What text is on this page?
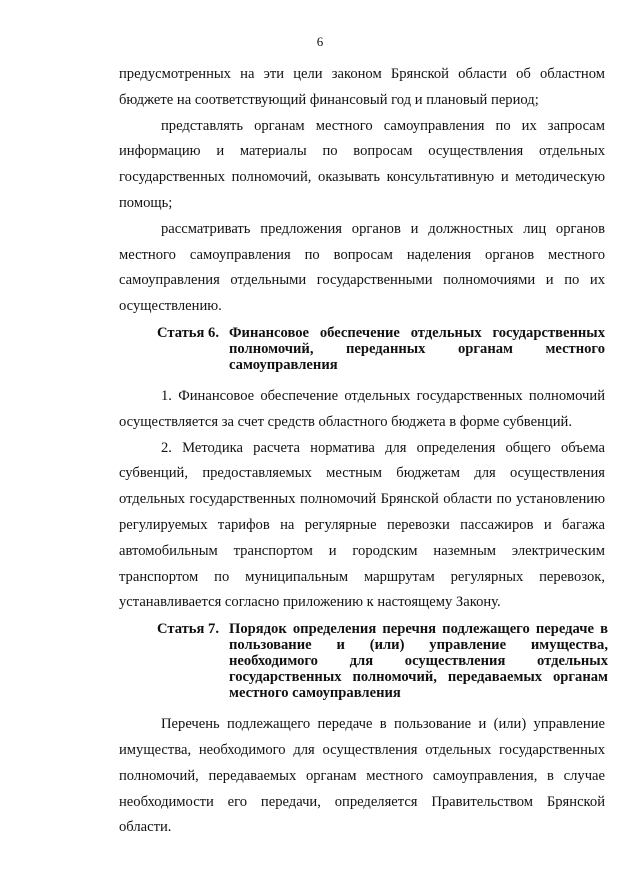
6

предусмотренных на эти цели законом Брянской области об областном бюджете на соответствующий финансовый год и плановый период;

представлять органам местного самоуправления по их запросам информацию и материалы по вопросам осуществления отдельных государственных полномочий, оказывать консультативную и методическую помощь;

рассматривать предложения органов и должностных лиц органов местного самоуправления по вопросам наделения органов местного самоуправления отдельными государственными полномочиями и по их осуществлению.

Статья 6. Финансовое обеспечение отдельных государственных полномочий, переданных органам местного самоуправления

1. Финансовое обеспечение отдельных государственных полномочий осуществляется за счет средств областного бюджета в форме субвенций.

2. Методика расчета норматива для определения общего объема субвенций, предоставляемых местным бюджетам для осуществления отдельных государственных полномочий Брянской области по установлению регулируемых тарифов на регулярные перевозки пассажиров и багажа автомобильным транспортом и городским наземным электрическим транспортом по муниципальным маршрутам регулярных перевозок, устанавливается согласно приложению к настоящему Закону.

Статья 7. Порядок определения перечня подлежащего передаче в пользование и (или) управление имущества, необходимого для осуществления отдельных государственных полномочий, передаваемых органам местного самоуправления

Перечень подлежащего передаче в пользование и (или) управление имущества, необходимого для осуществления отдельных государственных полномочий, передаваемых органам местного самоуправления, в случае необходимости его передачи, определяется Правительством Брянской области.
